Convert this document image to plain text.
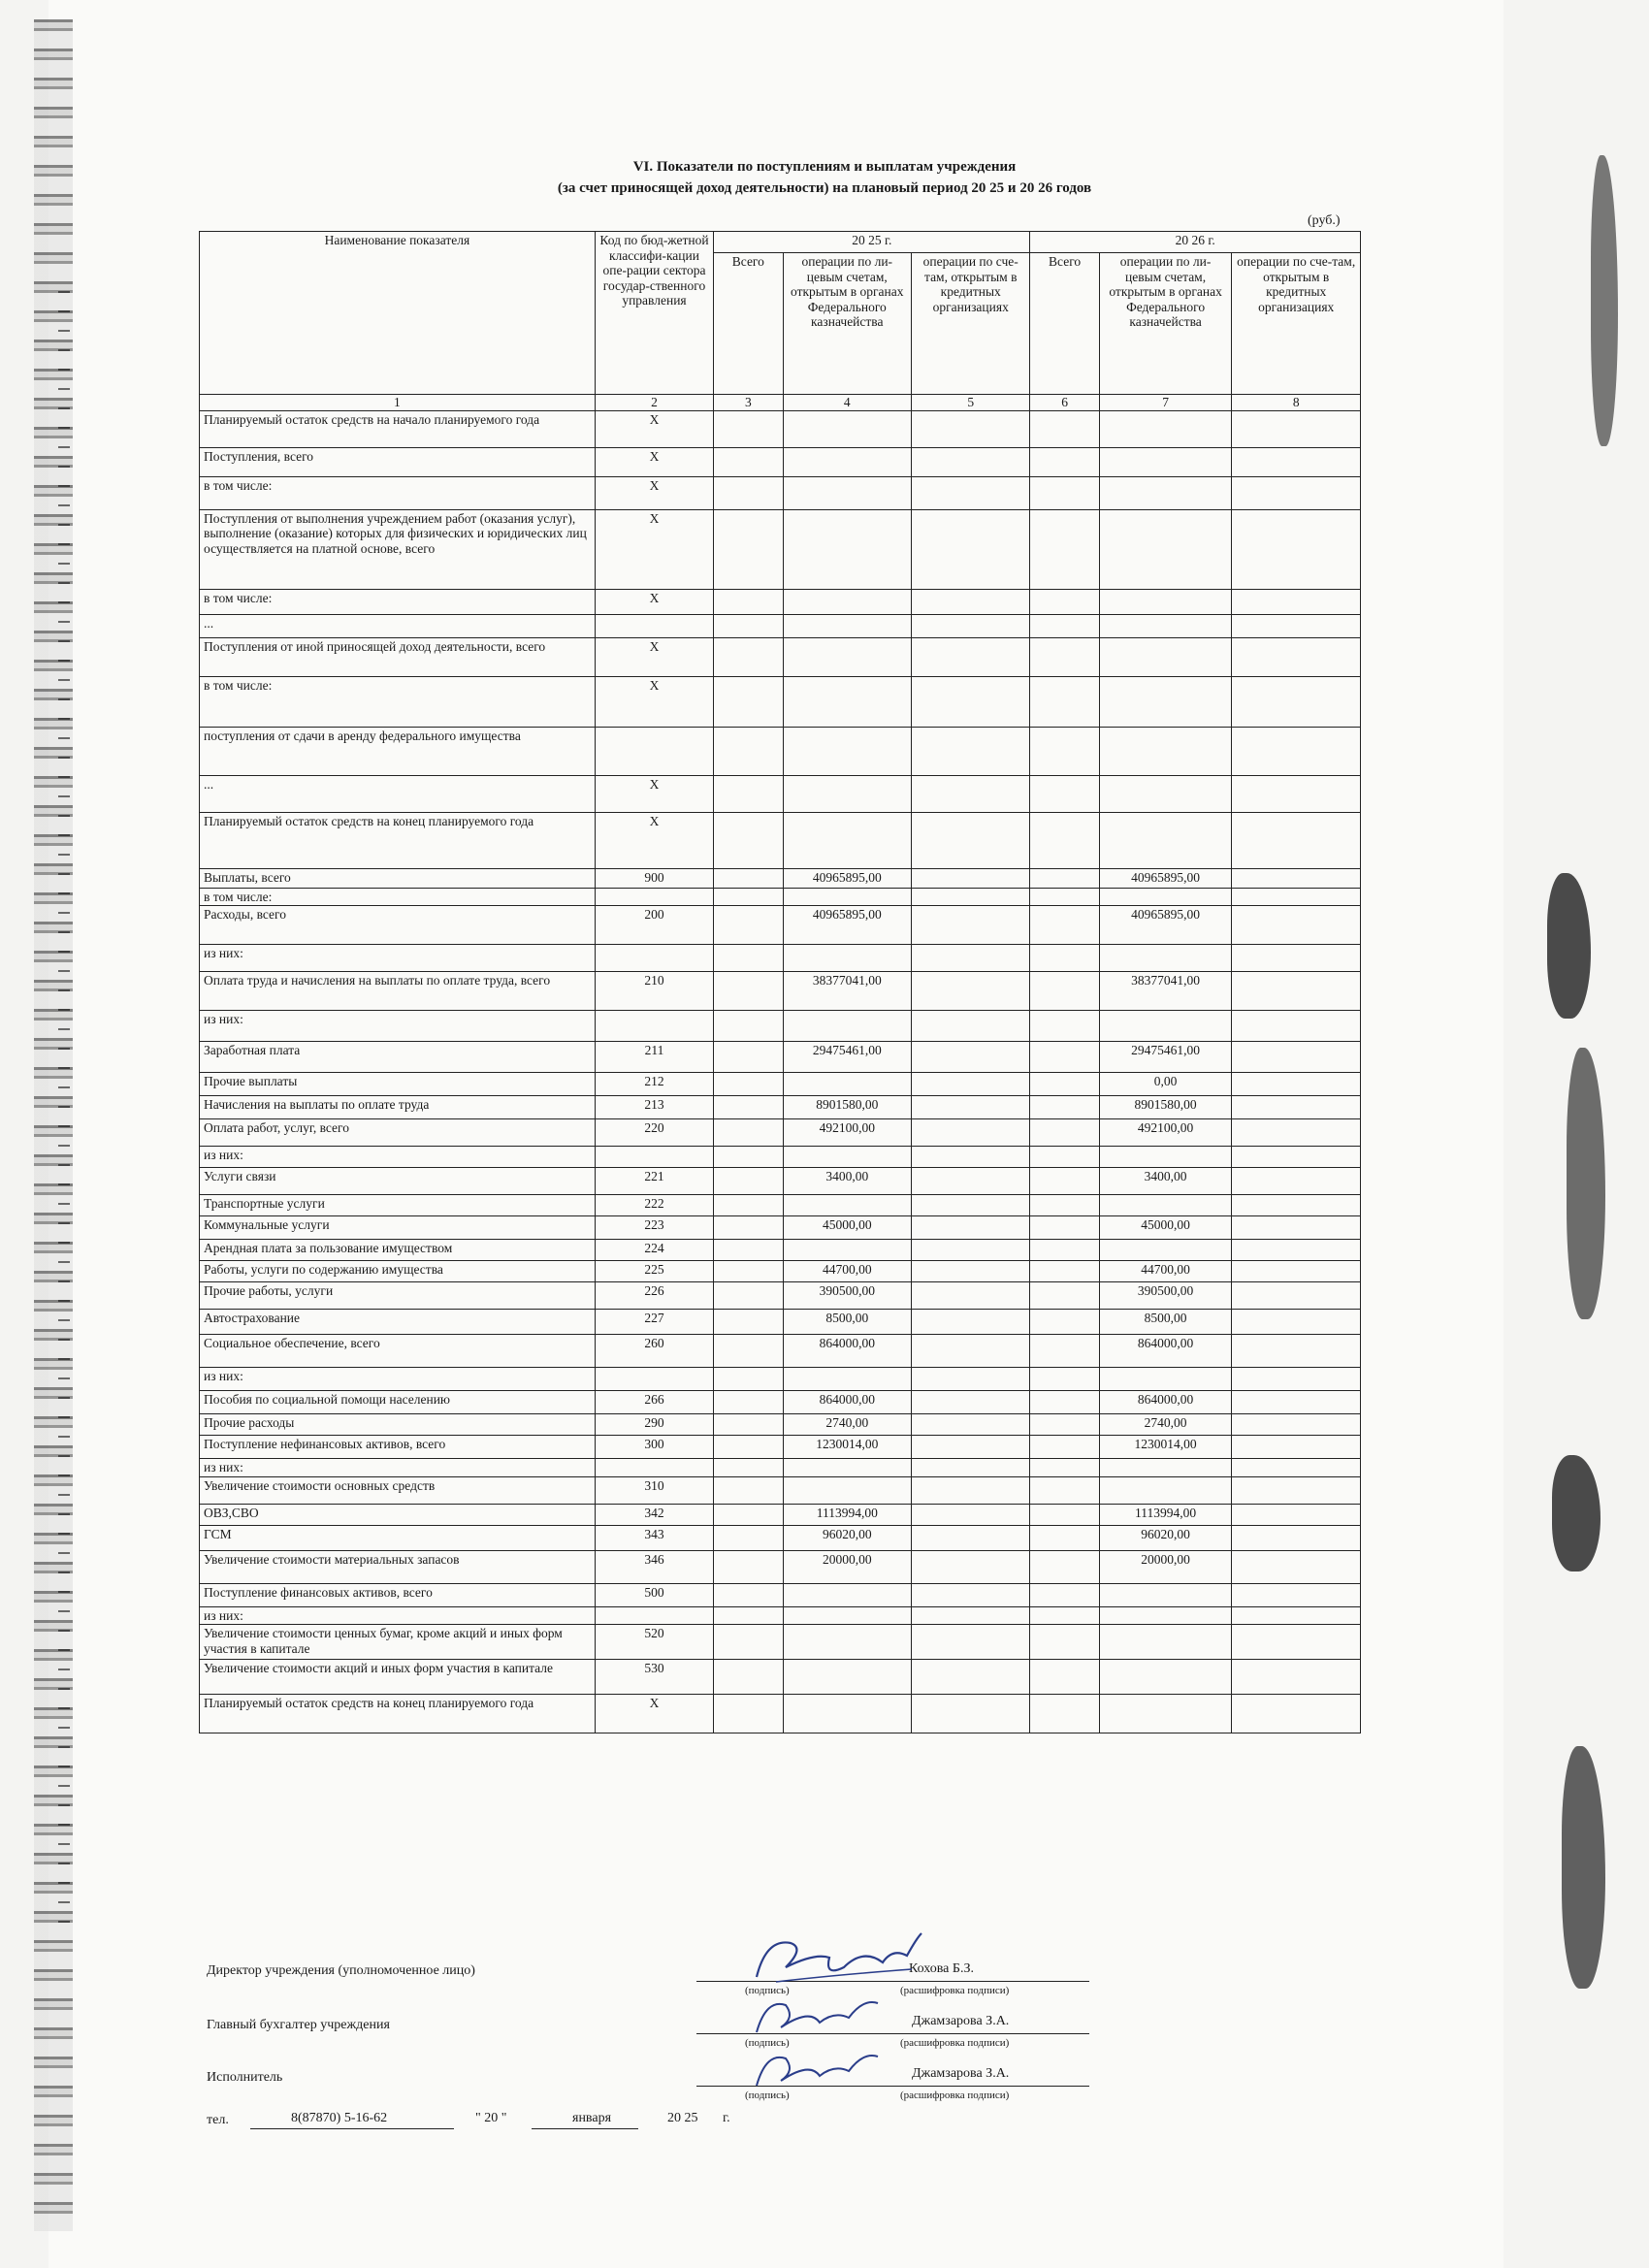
VI. Показатели по поступлениям и выплатам учреждения
(за счет приносящей доход деятельности) на плановый период 20 25 и 20 26 годов
(руб.)
Наименование показателя	Код по бюд-жетной классифи-кации опе-рации сектора государ-ственного управления	20 25 г.			20 26 г.		
		Всего	операции по ли-цевым счетам, открытым в органах Федерального казначейства	операции по сче-там, открытым в кредитных организациях	Всего	операции по ли-цевым счетам, открытым в органах Федерального казначейства	операции по сче-там, открытым в кредитных организациях
1	2	3	4	5	6	7	8
Планируемый остаток средств на начало планируемого года	X						
Поступления, всего	X						
в том числе:	X						
Поступления от выполнения учреждением работ (оказания услуг), выполнение (оказание) которых для физических и юридических лиц осуществляется на платной основе, всего	X						
в том числе:	X						
...							
Поступления от иной приносящей доход деятельности, всего	X						
в том числе:	X						
поступления от сдачи в аренду федерального имущества							
...	X						
Планируемый остаток средств на конец планируемого года	X						
Выплаты, всего	900		40965895,00			40965895,00	
в том числе:							
Расходы, всего	200		40965895,00			40965895,00	
из них:							
Оплата труда и начисления на выплаты по оплате труда, всего	210		38377041,00			38377041,00	
из них:							
Заработная плата	211		29475461,00			29475461,00	
Прочие выплаты	212					0,00	
Начисления на выплаты по оплате труда	213		8901580,00			8901580,00	
Оплата работ, услуг, всего	220		492100,00			492100,00	
из них:							
Услуги связи	221		3400,00			3400,00	
Транспортные услуги	222						
Коммунальные услуги	223		45000,00			45000,00	
Арендная плата за пользование имуществом	224						
Работы, услуги по содержанию имущества	225		44700,00			44700,00	
Прочие работы, услуги	226		390500,00			390500,00	
Автострахование	227		8500,00			8500,00	
Социальное обеспечение, всего	260		864000,00			864000,00	
из них:							
Пособия по социальной помощи населению	266		864000,00			864000,00	
Прочие расходы	290		2740,00			2740,00	
Поступление нефинансовых активов, всего	300		1230014,00			1230014,00	
из них:							
Увеличение стоимости основных средств	310						
ОВЗ,СВО	342		1113994,00			1113994,00	
ГСМ	343		96020,00			96020,00	
Увеличение стоимости материальных запасов	346		20000,00			20000,00	
Поступление финансовых активов, всего	500						
из них:							
Увеличение стоимости ценных бумаг, кроме акций и иных форм участия в капитале	520						
Увеличение стоимости акций и иных форм участия в капитале	530						
Планируемый остаток средств на конец планируемого года	X						
Директор учреждения (уполномоченное лицо)	Кохова Б.З.
(подпись)	(расшифровка подписи)
Главный бухгалтер учреждения	Джамзарова З.А.
(подпись)	(расшифровка подписи)
Исполнитель	Джамзарова З.А.
(подпись)	(расшифровка подписи)
тел.	8(87870) 5-16-62	" 20 "	января	20 25 г.
